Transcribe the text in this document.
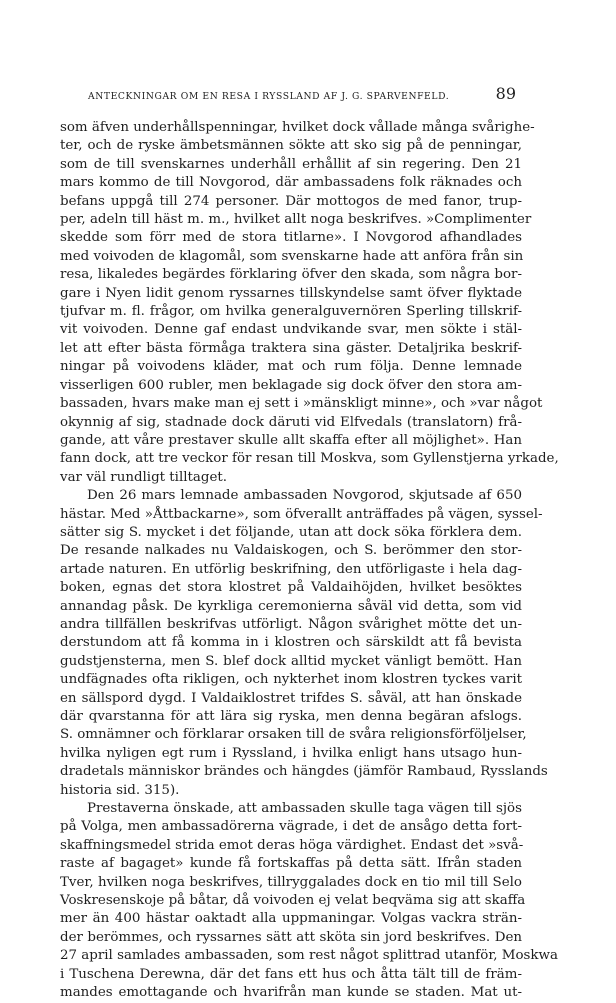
ANTECKNINGAR OM EN RESA I RYSSLAND AF J. G. SPARVENFELD.	89
som äfven underhållspenningar, hvilket dock vållade många svårighe-
ter, och de ryske ämbetsmännen sökte att sko sig på de penningar,
som de till svenskarnes underhåll erhållit af sin regering. Den 21
mars kommo de till Novgorod, där ambassadens folk räknades och
befans uppgå till 274 personer. Där mottogos de med fanor, trup-
per, adeln till häst m. m., hvilket allt noga beskrifves. »Complimenter
skedde som förr med de stora titlarne». I Novgorod afhandlades
med voivoden de klagomål, som svenskarne hade att anföra från sin
resa, likaledes begärdes förklaring öfver den skada, som några bor-
gare i Nyen lidit genom ryssarnes tillskyndelse samt öfver flyktade
tjufvar m. fl. frågor, om hvilka generalguvernören Sperling tillskrif-
vit voivoden. Denne gaf endast undvikande svar, men sökte i stäl-
let att efter bästa förmåga traktera sina gäster. Detaljrika beskrif-
ningar på voivodens kläder, mat och rum följa. Denne lemnade
visserligen 600 rubler, men beklagade sig dock öfver den stora am-
bassaden, hvars make man ej sett i »mänskligt minne», och »var något
okynnig af sig, stadnade dock däruti vid Elfvedals (translatorn) frå-
gande, att våre prestaver skulle allt skaffa efter all möjlighet». Han
fann dock, att tre veckor för resan till Moskva, som Gyllenstjerna yrkade,
var väl rundligt tilltaget.
Den 26 mars lemnade ambassaden Novgorod, skjutsade af 650
hästar. Med »Åttbackarne», som öfverallt anträffades på vägen, syssel-
sätter sig S. mycket i det följande, utan att dock söka förklera dem.
De resande nalkades nu Valdaiskogen, och S. berömmer den stor-
artade naturen. En utförlig beskrifning, den utförligaste i hela dag-
boken, egnas det stora klostret på Valdaihöjden, hvilket besöktes
annandag påsk. De kyrkliga ceremonierna såväl vid detta, som vid
andra tillfällen beskrifvas utförligt. Någon svårighet mötte det un-
derstundom att få komma in i klostren och särskildt att få bevista
gudstjensterna, men S. blef dock alltid mycket vänligt bemött. Han
undfägnades ofta rikligen, och nykterhet inom klostren tyckes varit
en sällspord dygd. I Valdaiklostret trifdes S. såväl, att han önskade
där qvarstanna för att lära sig ryska, men denna begäran afslogs.
S. omnämner och förklarar orsaken till de svåra religionsförföljelser,
hvilka nyligen egt rum i Ryssland, i hvilka enligt hans utsago hun-
dradetals människor brändes och hängdes (jämför Rambaud, Rysslands
historia sid. 315).
Prestaverna önskade, att ambassaden skulle taga vägen till sjös
på Volga, men ambassadörerna vägrade, i det de ansågo detta fort-
skaffningsmedel strida emot deras höga värdighet. Endast det »svå-
raste af bagaget» kunde få fortskaffas på detta sätt. Ifrån staden
Tver, hvilken noga beskrifves, tillryggalades dock en tio mil till Selo
Voskresenskoje på båtar, då voivoden ej velat beqväma sig att skaffa
mer än 400 hästar oaktadt alla uppmaningar. Volgas vackra strän-
der berömmes, och ryssarnes sätt att sköta sin jord beskrifves. Den
27 april samlades ambassaden, som rest något splittrad utanför, Moskwa
i Tuschena Derewna, där det fans ett hus och åtta tält till de främ-
mandes emottagande och hvarifrån man kunde se staden. Mat ut-
